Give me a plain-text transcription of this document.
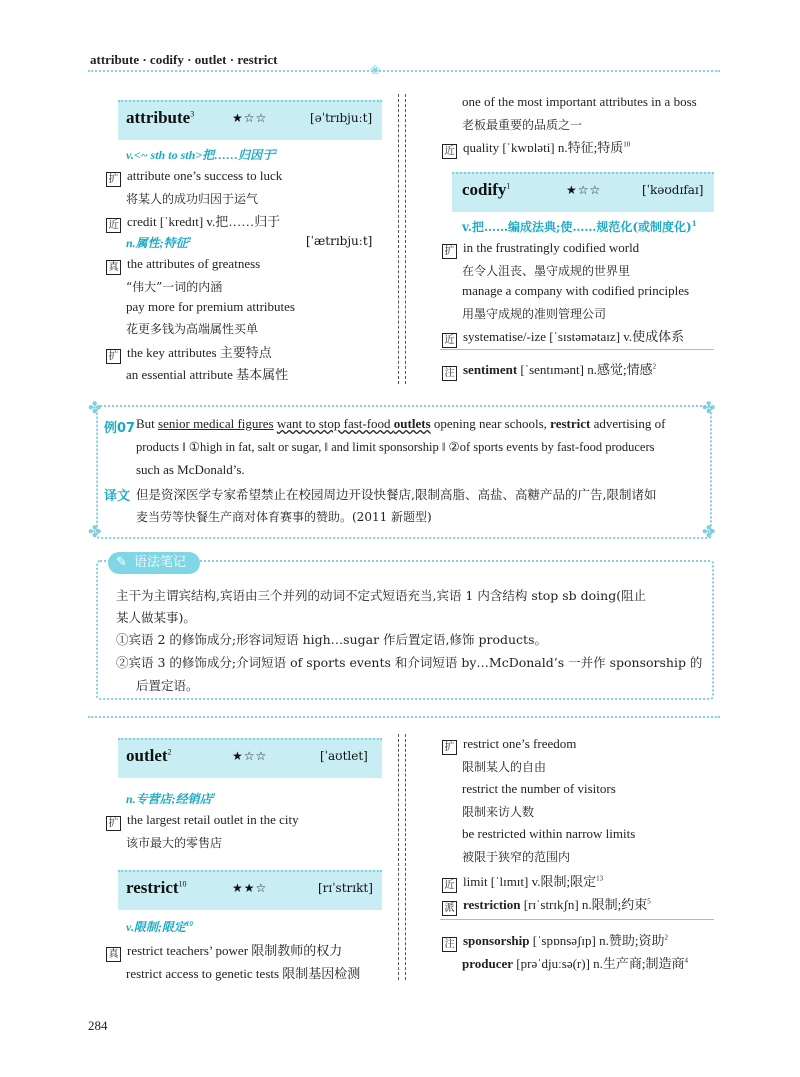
attribute · codify · outlet · restrict
❀
attribute$^3$	★☆☆	[əˈtrɪbjuːt]
v.<~ sth to sth>把……归因于$^1$
扩 attribute one’s success to luck
将某人的成功归因于运气
近 credit [ˈkredɪt] v.把……归于
n.属性;特征$^2$	[ˈætrɪbjuːt]
真 the attributes of greatness
“伟大”一词的内涵
pay more for premium attributes
花更多钱为高端属性买单
扩 the key attributes 主要特点
an essential attribute 基本属性
one of the most important attributes in a boss
老板最重要的品质之一
近 quality [ˈkwɒləti] n.特征;特质$^{10}$
codify$^1$	★☆☆	[ˈkəʊdɪfaɪ]
v.把……编成法典;使……规范化(或制度化)$^1$
扩 in the frustratingly codified world
在令人沮丧、墨守成规的世界里
manage a company with codified principles
用墨守成规的准则管理公司
近 systematise/-ize [ˈsɪstəmətaɪz] v.使成体系
注 sentiment [ˈsentɪmənt] n.感觉;情感$^2$
✤	✤
✤	✤
例07 But senior medical figures want to stop fast-food outlets opening near schools, restrict advertising of
products ‖ ①high in fat, salt or sugar, ‖ and limit sponsorship ‖ ②of sports events by fast-food producers
such as McDonald’s.
译文 但是资深医学专家希望禁止在校园周边开设快餐店,限制高脂、高盐、高糖产品的广告,限制诸如
麦当劳等快餐生产商对体育赛事的赞助。(2011 新题型)
✎ 语法笔记
主干为主谓宾结构,宾语由三个并列的动词不定式短语充当,宾语 1 内含结构 stop sb doing(阻止
某人做某事)。
①宾语 2 的修饰成分;形容词短语 high…sugar 作后置定语,修饰 products。
②宾语 3 的修饰成分;介词短语 of sports events 和介词短语 by…McDonald’s 一并作 sponsorship 的
后置定语。
outlet$^2$	★☆☆	[ˈaʊtlet]
n.专营店;经销店$^2$
扩 the largest retail outlet in the city
该市最大的零售店
restrict$^{10}$	★★☆	[rɪˈstrɪkt]
v.限制;限定$^{10}$
真 restrict teachers’ power 限制教师的权力
restrict access to genetic tests 限制基因检测
扩 restrict one’s freedom
限制某人的自由
restrict the number of visitors
限制来访人数
be restricted within narrow limits
被限于狭窄的范围内
近 limit [ˈlɪmɪt] v.限制;限定$^{13}$
派 restriction [rɪˈstrɪkʃn] n.限制;约束$^5$
注 sponsorship [ˈspɒnsəʃɪp] n.赞助;资助$^2$
producer [prəˈdjuːsə(r)] n.生产商;制造商$^4$
284
